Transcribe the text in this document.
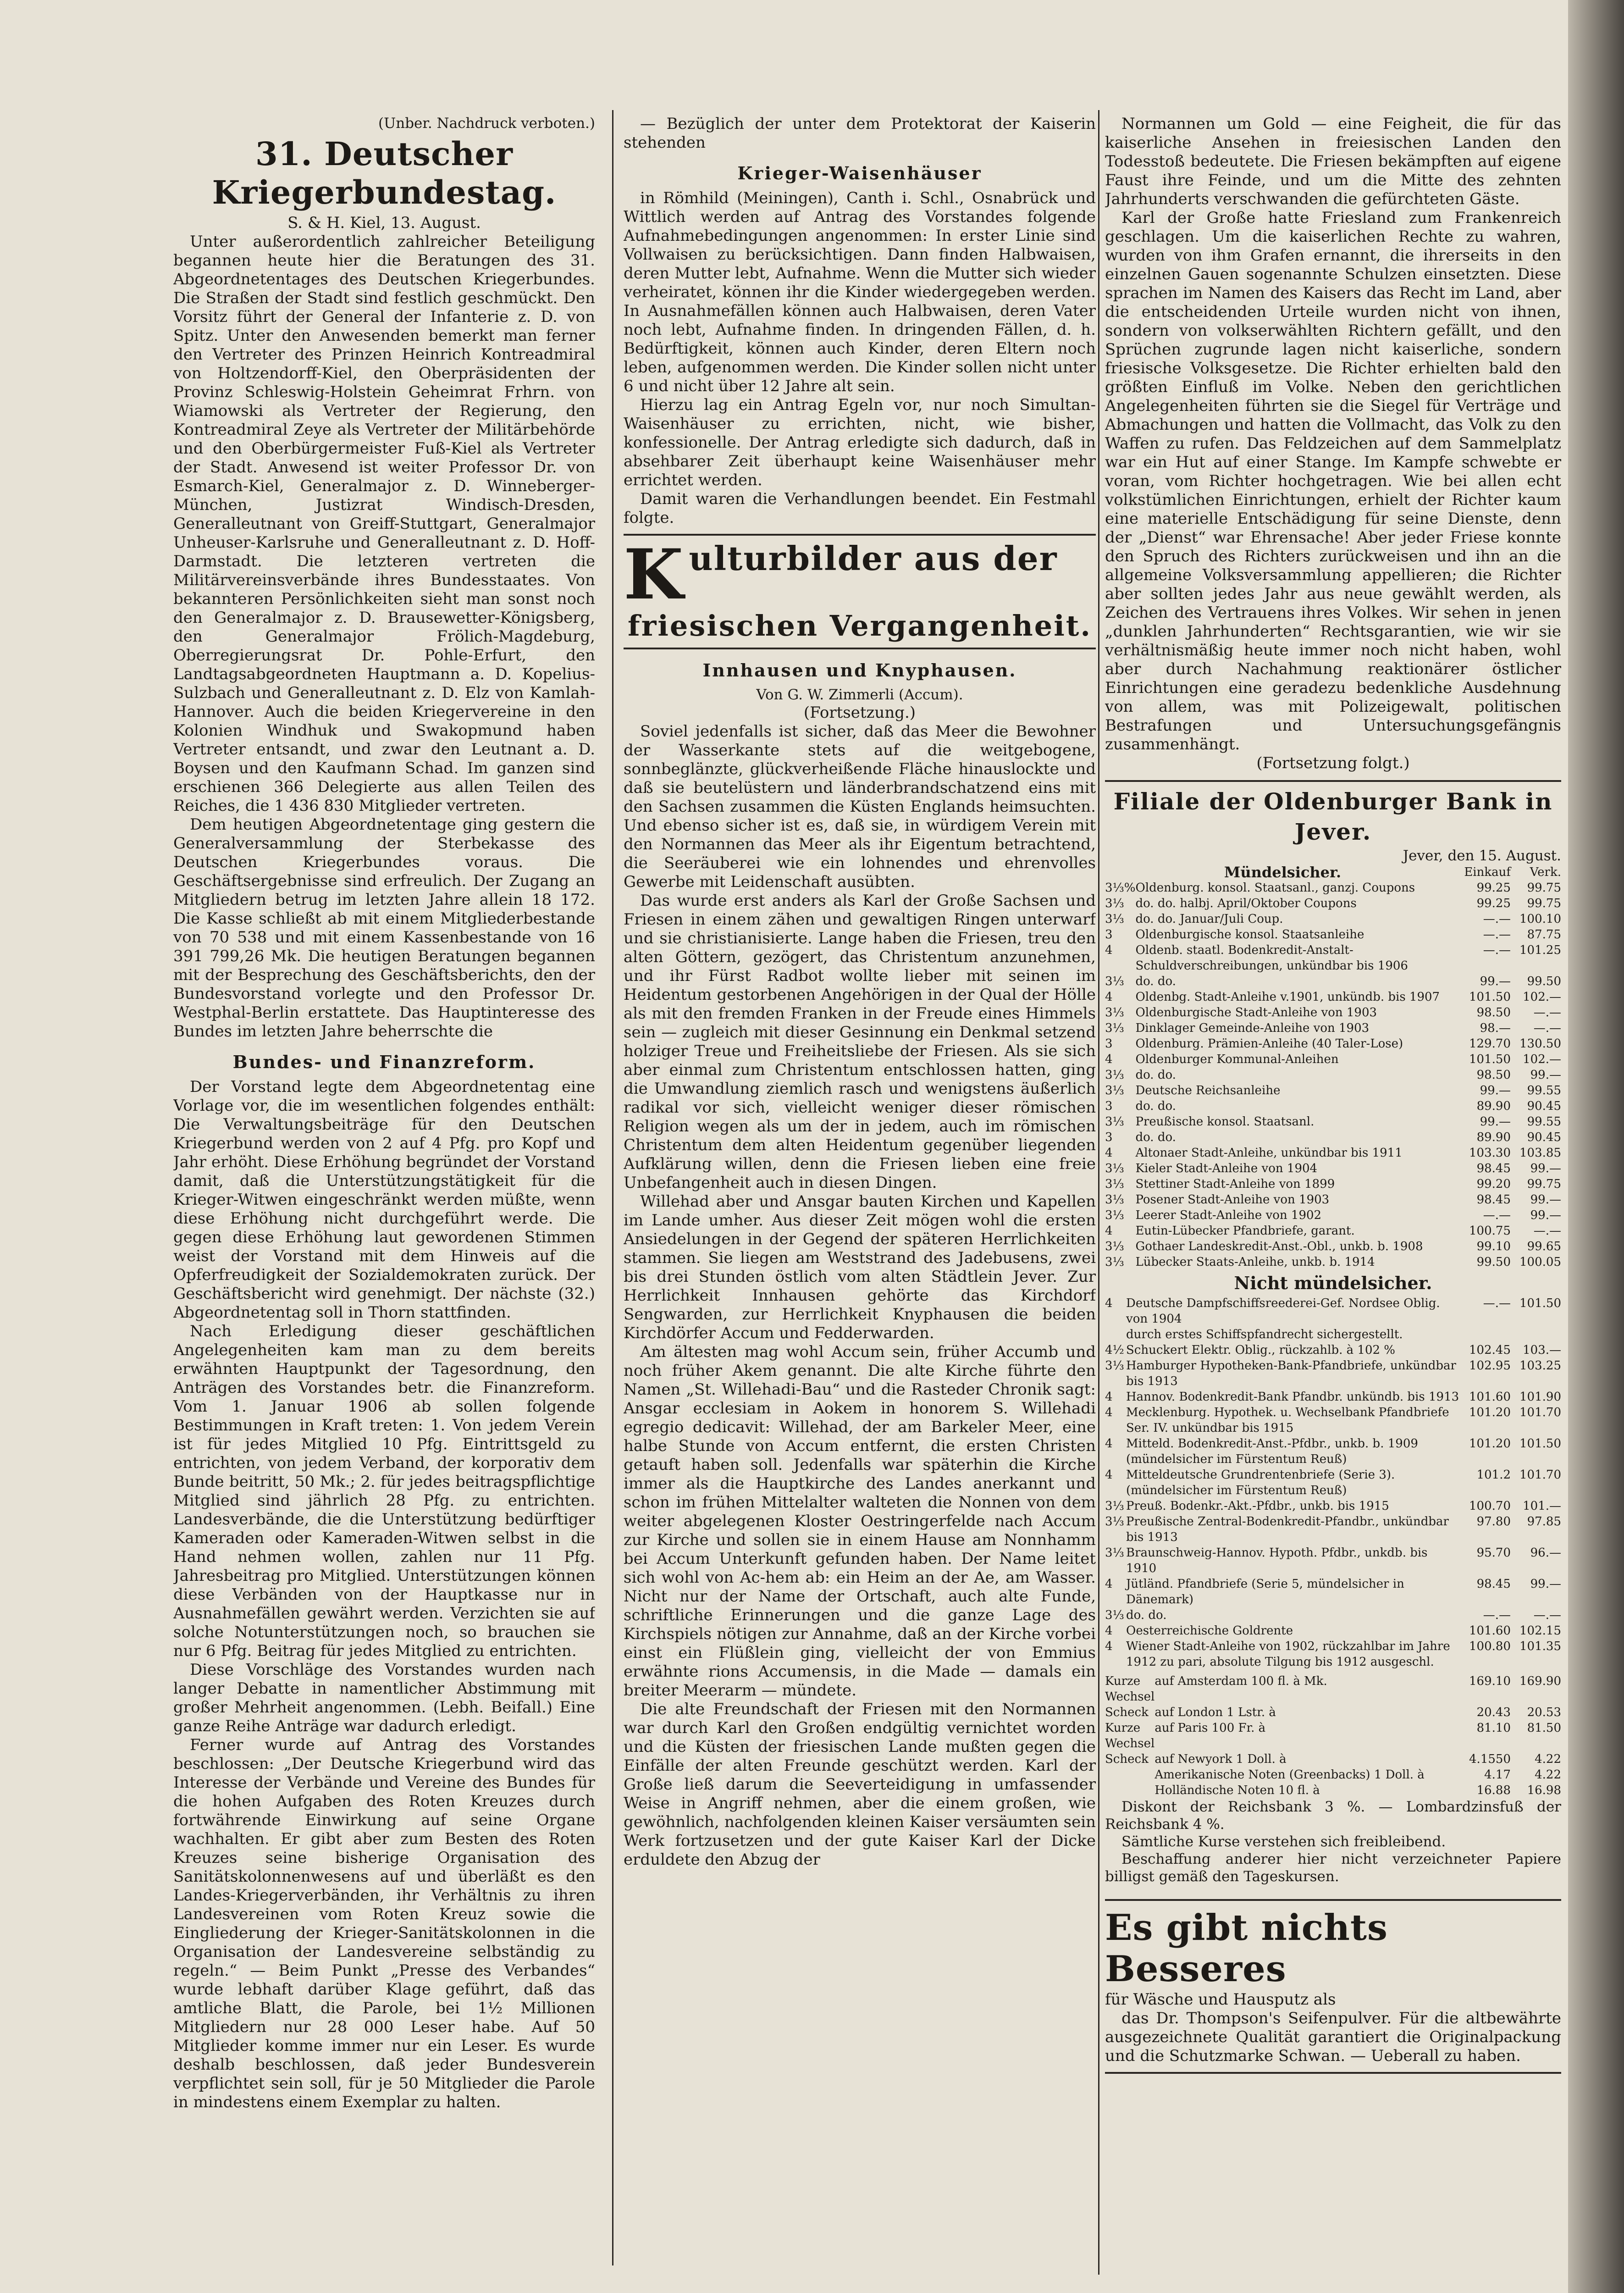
(Unber. Nachdruck verboten.)

31. Deutscher Kriegerbundestag.

S. & H. Kiel, 13. August.

Unter außerordentlich zahlreicher Beteiligung begannen heute hier die Beratungen des 31. Abgeordnetentages des Deutschen Kriegerbundes. Die Straßen der Stadt sind festlich geschmückt. Den Vorsitz führt der General der Infanterie z. D. von Spitz. Unter den Anwesenden bemerkt man ferner den Vertreter des Prinzen Heinrich Kontreadmiral von Holtzendorff-Kiel, den Oberpräsidenten der Provinz Schleswig-Holstein Geheimrat Frhrn. von Wiamowski als Vertreter der Regierung, den Kontreadmiral Zeye als Vertreter der Militärbehörde und den Oberbürgermeister Fuß-Kiel als Vertreter der Stadt. Anwesend ist weiter Professor Dr. von Esmarch-Kiel, Generalmajor z. D. Winneberger-München, Justizrat Windisch-Dresden, Generalleutnant von Greiff-Stuttgart, Generalmajor Unheuser-Karlsruhe und Generalleutnant z. D. Hoff-Darmstadt. Die letzteren vertreten die Militärvereinsverbände ihres Bundesstaates. Von bekannteren Persönlichkeiten sieht man sonst noch den Generalmajor z. D. Brausewetter-Königsberg, den Generalmajor Frölich-Magdeburg, Oberregierungsrat Dr. Pohle-Erfurt, den Landtagsabgeordneten Hauptmann a. D. Kopelius-Sulzbach und Generalleutnant z. D. Elz von Kamlah-Hannover. Auch die beiden Kriegervereine in den Kolonien Windhuk und Swakopmund haben Vertreter entsandt, und zwar den Leutnant a. D. Boysen und den Kaufmann Schad. Im ganzen sind erschienen 366 Delegierte aus allen Teilen des Reiches, die 1 436 830 Mitglieder vertreten.

Dem heutigen Abgeordnetentage ging gestern die Generalversammlung der Sterbekasse des Deutschen Kriegerbundes voraus. Die Geschäftsergebnisse sind erfreulich. Der Zugang an Mitgliedern betrug im letzten Jahre allein 18 172. Die Kasse schließt ab mit einem Mitgliederbestande von 70 538 und mit einem Kassenbestande von 16 391 799,26 Mk. Die heutigen Beratungen begannen mit der Besprechung des Geschäftsberichts, den der Bundesvorstand vorlegte und den Professor Dr. Westphal-Berlin erstattete. Das Hauptinteresse des Bundes im letzten Jahre beherrschte die

Bundes- und Finanzreform.

Der Vorstand legte dem Abgeordnetentag eine Vorlage vor, die im wesentlichen folgendes enthält: Die Verwaltungsbeiträge für den Deutschen Kriegerbund werden von 2 auf 4 Pfg. pro Kopf und Jahr erhöht. Diese Erhöhung begründet der Vorstand damit, daß die Unterstützungstätigkeit für die Krieger-Witwen eingeschränkt werden müßte, wenn diese Erhöhung nicht durchgeführt werde. Die gegen diese Erhöhung laut gewordenen Stimmen weist der Vorstand mit dem Hinweis auf die Opferfreudigkeit der Sozialdemokraten zurück. Der Geschäftsbericht wird genehmigt. Der nächste (32.) Abgeordnetentag soll in Thorn stattfinden.

Nach Erledigung dieser geschäftlichen Angelegenheiten kam man zu dem bereits erwähnten Hauptpunkt der Tagesordnung, den Anträgen des Vorstandes betr. die Finanzreform. Vom 1. Januar 1906 ab sollen folgende Bestimmungen in Kraft treten: 1. Von jedem Verein ist für jedes Mitglied 10 Pfg. Eintrittsgeld zu entrichten, von jedem Verband, der korporativ dem Bunde beitritt, 50 Mk.; 2. für jedes beitragspflichtige Mitglied sind jährlich 28 Pfg. zu entrichten. Landesverbände, die die Unterstützung bedürftiger Kameraden oder Kameraden-Witwen selbst in die Hand nehmen wollen, zahlen nur 11 Pfg. Jahresbeitrag pro Mitglied. Unterstützungen können diese Verbänden von der Hauptkasse nur in Ausnahmefällen gewährt werden. Verzichten sie auf solche Notunterstützungen noch, so brauchen sie nur 6 Pfg. Beitrag für jedes Mitglied zu entrichten.

Diese Vorschläge des Vorstandes wurden nach langer Debatte in namentlicher Abstimmung mit großer Mehrheit angenommen. (Lebh. Beifall.) Eine ganze Reihe Anträge war dadurch erledigt.

Ferner wurde auf Antrag des Vorstandes beschlossen: „Der Deutsche Kriegerbund wird das Interesse der Verbände und Vereine des Bundes für die hohen Aufgaben des Roten Kreuzes durch fortwährende Einwirkung auf seine Organe wachhalten. Er gibt aber zum Besten des Roten Kreuzes seine bisherige Organisation des Sanitätskolonnenwesens auf und überläßt es den Landes-Kriegerverbänden, ihr Verhältnis zu ihren Landesvereinen vom Roten Kreuz sowie die Eingliederung der Krieger-Sanitätskolonnen in die Organisation der Landesvereine selbständig zu regeln.“ — Beim Punkt „Presse des Verbandes“ wurde lebhaft darüber Klage geführt, daß das amtliche Blatt, die Parole, bei 1½ Millionen Mitgliedern nur 28 000 Leser habe. Auf 50 Mitglieder komme immer nur ein Leser. Es wurde deshalb beschlossen, daß jeder Bundesverein verpflichtet sein soll, für je 50 Mitglieder die Parole in mindestens einem Exemplar zu halten.

— Bezüglich der unter dem Protektorat der Kaiserin stehenden

Krieger-Waisenhäuser

in Römhild (Meiningen), Canth i. Schl., Osnabrück und Wittlich werden auf Antrag des Vorstandes folgende Aufnahmebedingungen angenommen: In erster Linie sind Vollwaisen zu berücksichtigen. Dann finden Halbwaisen, deren Mutter lebt, Aufnahme. Wenn die Mutter sich wieder verheiratet, können ihr die Kinder wiedergegeben werden. In Ausnahmefällen können auch Halbwaisen, deren Vater noch lebt, Aufnahme finden. In dringenden Fällen, d. h. Bedürftigkeit, können auch Kinder, deren Eltern noch leben, aufgenommen werden. Die Kinder sollen nicht unter 6 und nicht über 12 Jahre alt sein.

Hierzu lag ein Antrag Egeln vor, nur noch Simultan-Waisenhäuser zu errichten, nicht, wie bisher, konfessionelle. Der Antrag erledigte sich dadurch, daß in absehbarer Zeit überhaupt keine Waisenhäuser mehr errichtet werden.

Damit waren die Verhandlungen beendet. Ein Festmahl folgte.

K ulturbilder aus der
friesischen Vergangenheit.
Innhausen und Knyphausen.

Von G. W. Zimmerli (Accum).

(Fortsetzung.)

Soviel jedenfalls ist sicher, daß das Meer die Bewohner der Wasserkante stets auf die weitgebogene, sonnbeglänzte, glückverheißende Fläche hinauslockte und daß sie beutelüstern und länderbrandschatzend eins mit den Sachsen zusammen die Küsten Englands heimsuchten. Und ebenso sicher ist es, daß sie, in würdigem Verein mit den Normannen das Meer als ihr Eigentum betrachtend, die Seeräuberei wie ein lohnendes und ehrenvolles Gewerbe mit Leidenschaft ausübten.

Das wurde erst anders als Karl der Große Sachsen und Friesen in einem zähen und gewaltigen Ringen unterwarf und sie christianisierte. Lange haben die Friesen, treu den alten Göttern, gezögert, das Christentum anzunehmen, und ihr Fürst Radbot wollte lieber mit seinen im Heidentum gestorbenen Angehörigen in der Qual der Hölle als mit den fremden Franken in der Freude eines Himmels sein — zugleich mit dieser Gesinnung ein Denkmal setzend holziger Treue und Freiheitsliebe der Friesen. Als sie sich aber einmal zum Christentum entschlossen hatten, ging die Umwandlung ziemlich rasch und wenigstens äußerlich radikal vor sich, vielleicht weniger dieser römischen Religion wegen als um der in jedem, auch im römischen Christentum dem alten Heidentum gegenüber liegenden Aufklärung willen, denn die Friesen lieben eine freie Unbefangenheit auch in diesen Dingen.

Willehad aber und Ansgar bauten Kirchen und Kapellen im Lande umher. Aus dieser Zeit mögen wohl die ersten Ansiedelungen in der Gegend der späteren Herrlichkeiten stammen. Sie liegen am Weststrand des Jadebusens, zwei bis drei Stunden östlich vom alten Städtlein Jever. Zur Herrlichkeit Innhausen gehörte das Kirchdorf Sengwarden, zur Herrlichkeit Knyphausen die beiden Kirchdörfer Accum und Fedderwarden.

Am ältesten mag wohl Accum sein, früher Accumb und noch früher Akem genannt. Die alte Kirche führte den Namen „St. Willehadi-Bau“ und die Rasteder Chronik sagt: Ansgar ecclesiam in Aokem in honorem S. Willehadi egregio dedicavit: Willehad, der am Barkeler Meer, eine halbe Stunde von Accum entfernt, die ersten Christen getauft haben soll. Jedenfalls war späterhin die Kirche immer als die Hauptkirche des Landes anerkannt und schon im frühen Mittelalter walteten die Nonnen von dem weiter abgelegenen Kloster Oestringerfelde nach Accum zur Kirche und sollen sie in einem Hause am Nonnhamm bei Accum Unterkunft gefunden haben. Der Name leitet sich wohl von Ac-hem ab: ein Heim an der Ae, am Wasser. Nicht nur der Name der Ortschaft, auch alte Funde, schriftliche Erinnerungen und die ganze Lage des Kirchspiels nötigen zur Annahme, daß an der Kirche vorbei einst ein Flüßlein ging, vielleicht der von Emmius erwähnte rions Accumensis, in die Made — damals ein breiter Meerarm — mündete.

Die alte Freundschaft der Friesen mit den Normannen war durch Karl den Großen endgültig vernichtet worden und die Küsten der friesischen Lande mußten gegen die Einfälle der alten Freunde geschützt werden. Karl der Große ließ darum die Seeverteidigung in umfassender Weise in Angriff nehmen, aber die einem großen, wie gewöhnlich, nachfolgenden kleinen Kaiser versäumten sein Werk fortzusetzen und der gute Kaiser Karl der Dicke erduldete den Abzug der

Normannen um Gold — eine Feigheit, die für das kaiserliche Ansehen in freiesischen Landen den Todesstoß bedeutete. Die Friesen bekämpften auf eigene Faust ihre Feinde, und um die Mitte des zehnten Jahrhunderts verschwanden die gefürchteten Gäste.

Karl der Große hatte Friesland zum Frankenreich geschlagen. Um die kaiserlichen Rechte zu wahren, wurden von ihm Grafen ernannt, die ihrerseits in den einzelnen Gauen sogenannte Schulzen einsetzten. Diese sprachen im Namen des Kaisers das Recht im Land, aber die entscheidenden Urteile wurden nicht von ihnen, sondern von volkserwählten Richtern gefällt, und den Sprüchen zugrunde lagen nicht kaiserliche, sondern friesische Volksgesetze. Die Richter erhielten bald den größten Einfluß im Volke. Neben den gerichtlichen Angelegenheiten führten sie die Siegel für Verträge und Abmachungen und hatten die Vollmacht, das Volk zu den Waffen zu rufen. Das Feldzeichen auf dem Sammelplatz war ein Hut auf einer Stange. Im Kampfe schwebte er voran, vom Richter hochgetragen. Wie bei allen echt volkstümlichen Einrichtungen, erhielt der Richter kaum eine materielle Entschädigung für seine Dienste, denn der „Dienst“ war Ehrensache! Aber jeder Friese konnte den Spruch des Richters zurückweisen und ihn an die allgemeine Volksversammlung appellieren; die Richter aber sollten jedes Jahr aus neue gewählt werden, als Zeichen des Vertrauens ihres Volkes. Wir sehen in jenen „dunklen Jahrhunderten“ Rechtsgarantien, wie wir sie verhältnismäßig heute immer noch nicht haben, wohl aber durch Nachahmung reaktionärer östlicher Einrichtungen eine geradezu bedenkliche Ausdehnung von allem, was mit Polizeigewalt, politischen Bestrafungen und Untersuchungsgefängnis zusammenhängt.

(Fortsetzung folgt.)

Filiale der Oldenburger Bank in Jever.

Jever, den 15. August.

Mündelsicher.	Einkauf	Verk.
3⅓%	Oldenburg. konsol. Staatsanl., ganzj. Coupons	99.25	99.75
3⅓	do. do. halbj. April/Oktober Coupons	99.25	99.75
3⅓	do. do. Januar/Juli Coup.	—.—	100.10
3	Oldenburgische konsol. Staatsanleihe	—.—	87.75
4	Oldenb. staatl. Bodenkredit-Anstalt-Schuldverschreibungen, unkündbar bis 1906	—.—	101.25
3⅓	do. do.	99.—	99.50
4	Oldenbg. Stadt-Anleihe v.1901, unkündb. bis 1907	101.50	102.—
3⅓	Oldenburgische Stadt-Anleihe von 1903	98.50	—.—
3⅓	Dinklager Gemeinde-Anleihe von 1903	98.—	—.—
3	Oldenburg. Prämien-Anleihe (40 Taler-Lose)	129.70	130.50
4	Oldenburger Kommunal-Anleihen	101.50	102.—
3⅓	do. do.	98.50	99.—
3⅓	Deutsche Reichsanleihe	99.—	99.55
3	do. do.	89.90	90.45
3⅓	Preußische konsol. Staatsanl.	99.—	99.55
3	do. do.	89.90	90.45
4	Altonaer Stadt-Anleihe, unkündbar bis 1911	103.30	103.85
3⅓	Kieler Stadt-Anleihe von 1904	98.45	99.—
3⅓	Stettiner Stadt-Anleihe von 1899	99.20	99.75
3⅓	Posener Stadt-Anleihe von 1903	98.45	99.—
3⅓	Leerer Stadt-Anleihe von 1902	—.—	99.—
4	Eutin-Lübecker Pfandbriefe, garant.	100.75	—.—
3⅓	Gothaer Landeskredit-Anst.-Obl., unkb. b. 1908	99.10	99.65
3⅓	Lübecker Staats-Anleihe, unkb. b. 1914	99.50	100.05
Nicht mündelsicher.
4	Deutsche Dampfschiffsreederei-Gef. Nordsee Oblig. von 1904	—.—	101.50
	durch erstes Schiffspfandrecht sichergestellt.		
4½	Schuckert Elektr. Oblig., rückzahlb. à 102 %	102.45	103.—
3⅓	Hamburger Hypotheken-Bank-Pfandbriefe, unkündbar bis 1913	102.95	103.25
4	Hannov. Bodenkredit-Bank Pfandbr. unkündb. bis 1913	101.60	101.90
4	Mecklenburg. Hypothek. u. Wechselbank Pfandbriefe Ser. IV. unkündbar bis 1915	101.20	101.70
4	Mitteld. Bodenkredit-Anst.-Pfdbr., unkb. b. 1909 (mündelsicher im Fürstentum Reuß)	101.20	101.50
4	Mitteldeutsche Grundrentenbriefe (Serie 3). (mündelsicher im Fürstentum Reuß)	101.2	101.70
3⅓	Preuß. Bodenkr.-Akt.-Pfdbr., unkb. bis 1915	100.70	101.—
3⅓	Preußische Zentral-Bodenkredit-Pfandbr., unkündbar bis 1913	97.80	97.85
3⅓	Braunschweig-Hannov. Hypoth. Pfdbr., unkdb. bis 1910	95.70	96.—
4	Jütländ. Pfandbriefe (Serie 5, mündelsicher in Dänemark)	98.45	99.—
3⅓	do. do.	—.—	—.—
4	Oesterreichische Goldrente	101.60	102.15
4	Wiener Stadt-Anleihe von 1902, rückzahlbar im Jahre 1912 zu pari, absolute Tilgung bis 1912 ausgeschl.	100.80	101.35
Kurze Wechsel	auf Amsterdam 100 fl. à Mk.	169.10	169.90
Scheck	auf London 1 Lstr. à	20.43	20.53
Kurze Wechsel	auf Paris 100 Fr. à	81.10	81.50
Scheck	auf Newyork 1 Doll. à	4.1550	4.22
	Amerikanische Noten (Greenbacks) 1 Doll. à	4.17	4.22
	Holländische Noten 10 fl. à	16.88	16.98

Diskont der Reichsbank 3 %. — Lombardzinsfuß der Reichsbank 4 %.

Sämtliche Kurse verstehen sich freibleibend.

Beschaffung anderer hier nicht verzeichneter Papiere billigst gemäß den Tageskursen.

Es gibt nichts Besseres
für Wäsche und Hausputz als

das Dr. Thompson's Seifenpulver. Für die altbewährte ausgezeichnete Qualität garantiert die Originalpackung und die Schutzmarke Schwan. — Ueberall zu haben.
